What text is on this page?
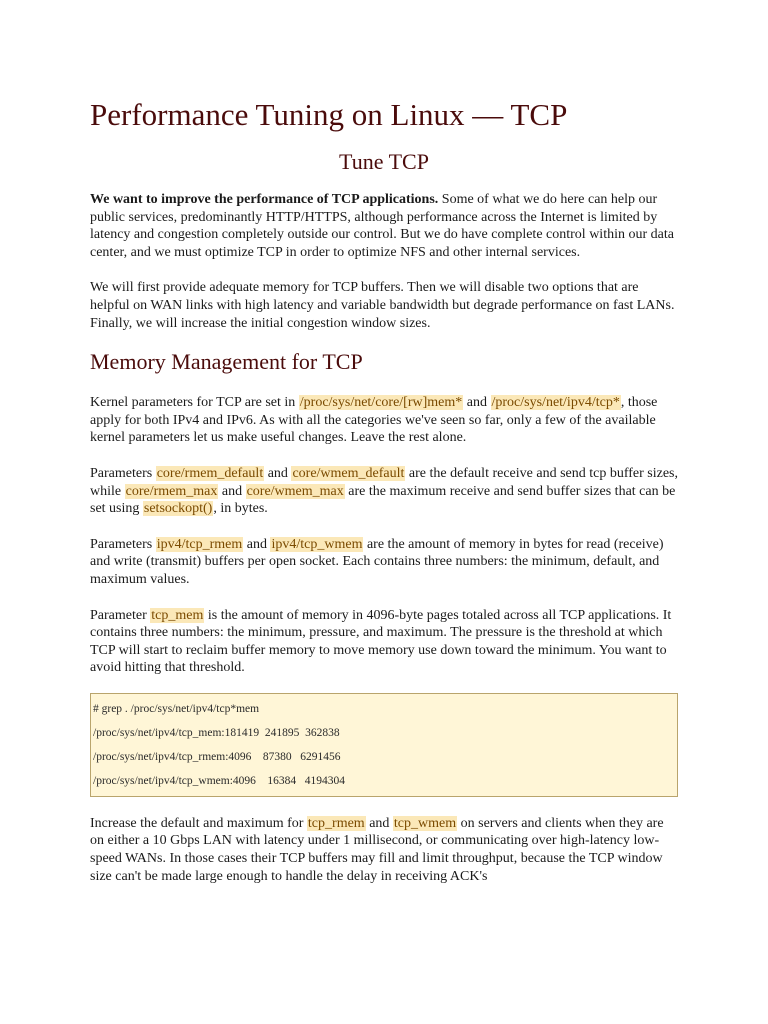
Performance Tuning on Linux — TCP
Tune TCP

We want to improve the performance of TCP applications. Some of what we do here can help our public services, predominantly HTTP/HTTPS, although performance across the Internet is limited by latency and congestion completely outside our control. But we do have complete control within our data center, and we must optimize TCP in order to optimize NFS and other internal services.

We will first provide adequate memory for TCP buffers. Then we will disable two options that are helpful on WAN links with high latency and variable bandwidth but degrade performance on fast LANs. Finally, we will increase the initial congestion window sizes.

Memory Management for TCP

Kernel parameters for TCP are set in /proc/sys/net/core/[rw]mem* and /proc/sys/net/ipv4/tcp*, those apply for both IPv4 and IPv6. As with all the categories we've seen so far, only a few of the available kernel parameters let us make useful changes. Leave the rest alone.

Parameters core/rmem_default and core/wmem_default are the default receive and send tcp buffer sizes, while core/rmem_max and core/wmem_max are the maximum receive and send buffer sizes that can be set using setsockopt(), in bytes.

Parameters ipv4/tcp_rmem and ipv4/tcp_wmem are the amount of memory in bytes for read (receive) and write (transmit) buffers per open socket. Each contains three numbers: the minimum, default, and maximum values.

Parameter tcp_mem is the amount of memory in 4096-byte pages totaled across all TCP applications. It contains three numbers: the minimum, pressure, and maximum. The pressure is the threshold at which TCP will start to reclaim buffer memory to move memory use down toward the minimum. You want to avoid hitting that threshold.

# grep . /proc/sys/net/ipv4/tcp*mem
/proc/sys/net/ipv4/tcp_mem:181419  241895  362838
/proc/sys/net/ipv4/tcp_rmem:4096    87380   6291456
/proc/sys/net/ipv4/tcp_wmem:4096    16384   4194304

Increase the default and maximum for tcp_rmem and tcp_wmem on servers and clients when they are on either a 10 Gbps LAN with latency under 1 millisecond, or communicating over high-latency low-speed WANs. In those cases their TCP buffers may fill and limit throughput, because the TCP window size can't be made large enough to handle the delay in receiving ACK's
